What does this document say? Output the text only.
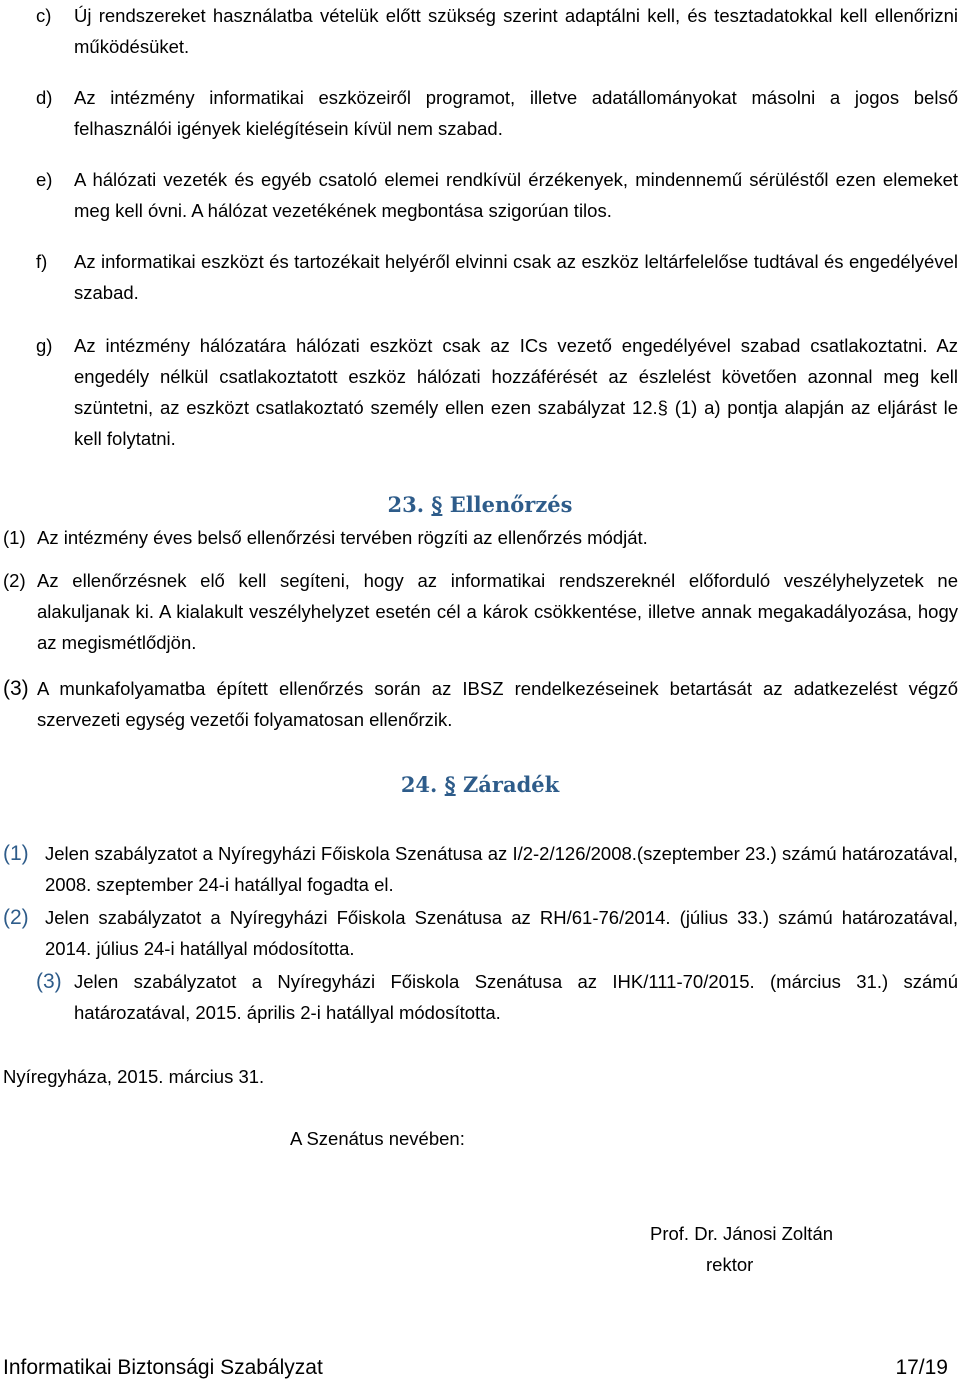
c) Új rendszereket használatba vételük előtt szükség szerint adaptálni kell, és tesztadatokkal kell ellenőrizni működésüket.
d) Az intézmény informatikai eszközeiről programot, illetve adatállományokat másolni a jogos belső felhasználói igények kielégítésein kívül nem szabad.
e) A hálózati vezeték és egyéb csatoló elemei rendkívül érzékenyek, mindennemű sérüléstől ezen elemeket meg kell óvni. A hálózat vezetékének megbontása szigorúan tilos.
f) Az informatikai eszközt és tartozékait helyéről elvinni csak az eszköz leltárfelelőse tudtával és engedélyével szabad.
g) Az intézmény hálózatára hálózati eszközt csak az ICs vezető engedélyével szabad csatlakoztatni. Az engedély nélkül csatlakoztatott eszköz hálózati hozzáférését az észlelést követően azonnal meg kell szüntetni, az eszközt csatlakoztató személy ellen ezen szabályzat 12.§ (1) a) pontja alapján az eljárást le kell folytatni.
23. § Ellenőrzés
(1) Az intézmény éves belső ellenőrzési tervében rögzíti az ellenőrzés módját.
(2) Az ellenőrzésnek elő kell segíteni, hogy az informatikai rendszereknél előforduló veszélyhelyzetek ne alakuljanak ki. A kialakult veszélyhelyzet esetén cél a károk csökkentése, illetve annak megakadályozása, hogy az megismétlődjön.
(3) A munkafolyamatba épített ellenőrzés során az IBSZ rendelkezéseinek betartását az adatkezelést végző szervezeti egység vezetői folyamatosan ellenőrzik.
24. § Záradék
(1) Jelen szabályzatot a Nyíregyházi Főiskola Szenátusa az I/2-2/126/2008.(szeptember 23.) számú határozatával, 2008. szeptember 24-i hatállyal fogadta el.
(2) Jelen szabályzatot a Nyíregyházi Főiskola Szenátusa az RH/61-76/2014. (július 33.) számú határozatával, 2014. július 24-i hatállyal módosította.
(3) Jelen szabályzatot a Nyíregyházi Főiskola Szenátusa az IHK/111-70/2015. (március 31.) számú határozatával, 2015. április 2-i hatállyal módosította.
Nyíregyháza, 2015. március 31.
A Szenátus nevében:
Prof. Dr. Jánosi Zoltán
rektor
Informatikai Biztonsági Szabályzat	17/19
